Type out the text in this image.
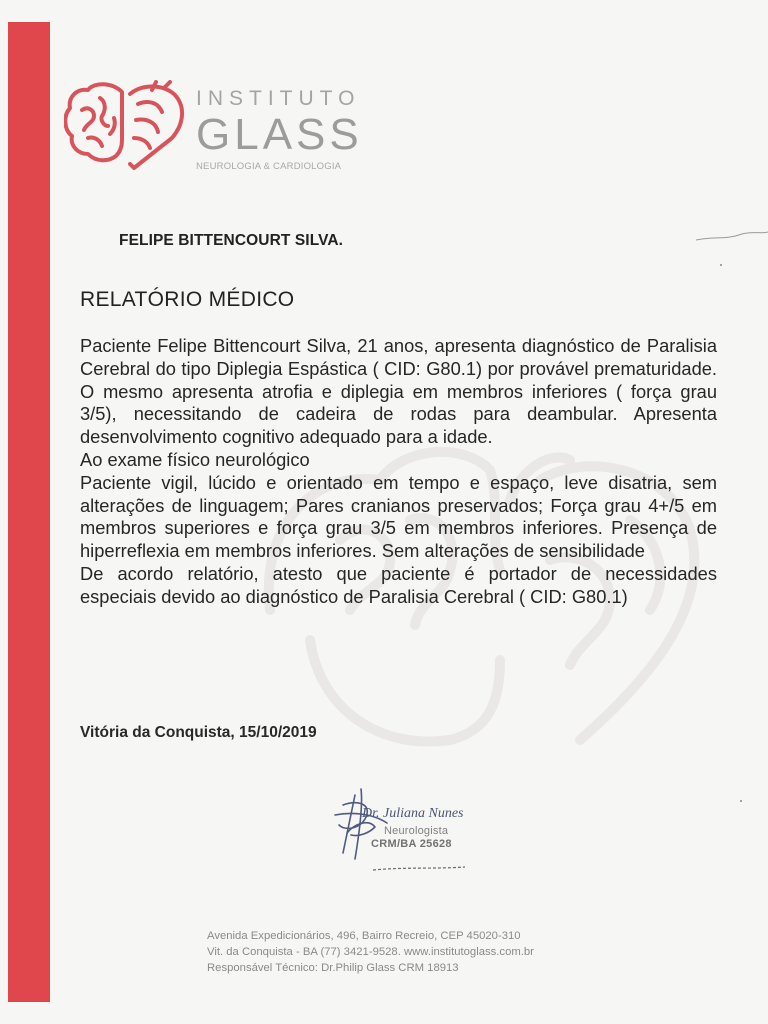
INSTITUTO
GLASS
NEUROLOGIA & CARDIOLOGIA
FELIPE BITTENCOURT SILVA.
RELATÓRIO MÉDICO

Paciente Felipe Bittencourt Silva, 21 anos, apresenta diagnóstico de Paralisia Cerebral do tipo Diplegia Espástica ( CID: G80.1) por provável prematuridade. O mesmo apresenta atrofia e diplegia em membros inferiores ( força grau 3/5), necessitando de cadeira de rodas para deambular. Apresenta desenvolvimento cognitivo adequado para a idade.

Ao exame físico neurológico

Paciente vigil, lúcido e orientado em tempo e espaço, leve disatria, sem alterações de linguagem; Pares cranianos preservados; Força grau 4+/5 em membros superiores e força grau 3/5 em membros inferiores. Presença de hiperreflexia em membros inferiores. Sem alterações de sensibilidade

De acordo relatório, atesto que paciente é portador de necessidades especiais devido ao diagnóstico de Paralisia Cerebral ( CID: G80.1)

Vitória da Conquista, 15/10/2019
Dr. Juliana Nunes
Neurologista
CRM/BA 25628
Avenida Expedicionários, 496, Bairro Recreio, CEP 45020-310
Vit. da Conquista - BA (77) 3421-9528. www.institutoglass.com.br
Responsável Técnico: Dr.Philip Glass CRM 18913
